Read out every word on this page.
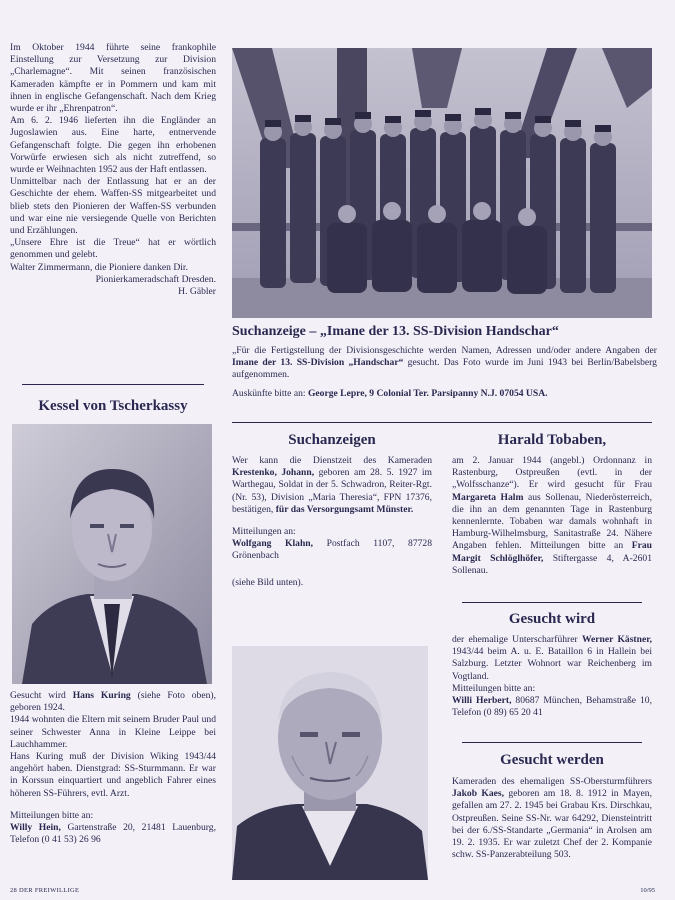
Im Oktober 1944 führte seine frankophile Einstellung zur Versetzung zur Division „Charlemagne“. Mit seinen französischen Kameraden kämpfte er in Pommern und kam mit ihnen in englische Gefangenschaft. Nach dem Krieg wurde er ihr „Ehrenpatron“.

Am 6. 2. 1946 lieferten ihn die Engländer an Jugoslawien aus. Eine harte, entnervende Gefangenschaft folgte. Die gegen ihn erhobenen Vorwürfe erwiesen sich als nicht zutreffend, so wurde er Weihnachten 1952 aus der Haft entlassen.

Unmittelbar nach der Entlassung hat er an der Geschichte der ehem. Waffen-SS mitgearbeitet und blieb stets den Pionieren der Waffen-SS verbunden und war eine nie versiegende Quelle von Berichten und Erzählungen.

„Unsere Ehre ist die Treue“ hat er wörtlich genommen und gelebt.

Walter Zimmermann, die Pioniere danken Dir.

Pionierkameradschaft Dresden.

H. Gäbler

Kessel von Tscherkassy

Gesucht wird Hans Kuring (siehe Foto oben), geboren 1924.

1944 wohnten die Eltern mit seinem Bruder Paul und seiner Schwester Anna in Kleine Leippe bei Lauchhammer.

Hans Kuring muß der Division Wiking 1943/44 angehört haben. Dienstgrad: SS-Sturmmann. Er war in Korssun einquartiert und angeblich Fahrer eines höheren SS-Führers, evtl. Arzt.

Mitteilungen bitte an:

Willy Hein, Gartenstraße 20, 21481 Lauenburg, Telefon (0 41 53) 26 96

Suchanzeige – „Imane der 13. SS-Division Handschar“

„Für die Fertigstellung der Divisionsgeschichte werden Namen, Adressen und/oder andere Angaben der Imane der 13. SS-Division „Handschar“ gesucht. Das Foto wurde im Juni 1943 bei Berlin/Babelsberg aufgenommen.

Auskünfte bitte an: George Lepre, 9 Colonial Ter. Parsipanny N.J. 07054 USA.

Suchanzeigen

Wer kann die Dienstzeit des Kameraden Krestenko, Johann, geboren am 28. 5. 1927 im Warthegau, Soldat in der 5. Schwadron, Reiter-Rgt. (Nr. 53), Division „Maria Theresia“, FPN 17376, bestätigen, für das Versorgungsamt Münster.

Mitteilungen an:

Wolfgang Klahn, Postfach 1107, 87728 Grönenbach

(siehe Bild unten).

Harald Tobaben,

am 2. Januar 1944 (angebl.) Ordonnanz in Rastenburg, Ostpreußen (evtl. in der „Wolfsschanze“). Er wird gesucht für Frau Margareta Halm aus Sollenau, Niederösterreich, die ihn an dem genannten Tage in Rastenburg kennenlernte. Tobaben war damals wohnhaft in Hamburg-Wilhelmsburg, Sanitastraße 24. Nähere Angaben fehlen. Mitteilungen bitte an Frau Margit Schlöglhöfer, Stiftergasse 4, A-2601 Sollenau.

Gesucht wird

der ehemalige Unterscharführer Werner Kästner, 1943/44 beim A. u. E. Bataillon 6 in Hallein bei Salzburg. Letzter Wohnort war Reichenberg im Vogtland.

Mitteilungen bitte an:

Willi Herbert, 80687 München, Behamstraße 10, Telefon (0 89) 65 20 41

Gesucht werden

Kameraden des ehemaligen SS-Obersturmführers Jakob Kaes, geboren am 18. 8. 1912 in Mayen, gefallen am 27. 2. 1945 bei Grabau Krs. Dirschkau, Ostpreußen. Seine SS-Nr. war 64292, Diensteintritt bei der 6./SS-Standarte „Germania“ in Arolsen am 19. 2. 1935. Er war zuletzt Chef der 2. Kompanie schw. SS-Panzerabteilung 503.

28 DER FREIWILLIGE	10/95
